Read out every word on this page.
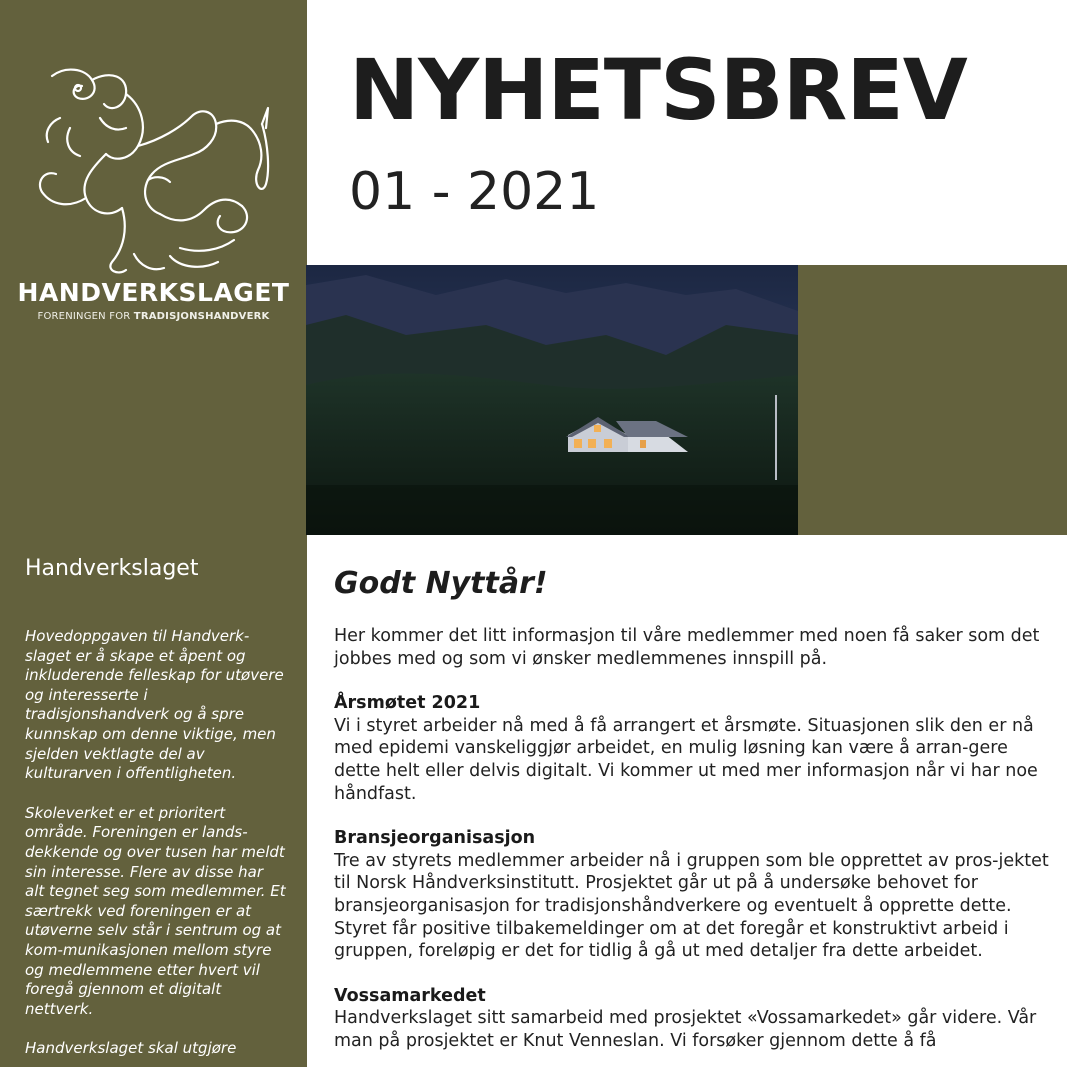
HANDVERKSLAGET
FORENINGEN FOR TRADISJONSHANDVERK
Handverkslaget

Hovedoppgaven til Handverk-slaget er å skape et åpent og inkluderende felleskap for utøvere og interesserte i tradisjonshandverk og å spre kunnskap om denne viktige, men sjelden vektlagte del av kulturarven i offentligheten.

Skoleverket er et prioritert område. Foreningen er lands-dekkende og over tusen har meldt sin interesse. Flere av disse har alt tegnet seg som medlemmer. Et særtrekk ved foreningen er at utøverne selv står i sentrum og at kom-munikasjonen mellom styre og medlemmene etter hvert vil foregå gjennom et digitalt nettverk.

Handverkslaget skal utgjøre

NYHETSBREV
01 - 2021
Godt Nyttår!

Her kommer det litt informasjon til våre medlemmer med noen få saker som det jobbes med og som vi ønsker medlemmenes innspill på.

Årsmøtet 2021

Vi i styret arbeider nå med å få arrangert et årsmøte. Situasjonen slik den er nå med epidemi vanskeliggjør arbeidet, en mulig løsning kan være å arran-gere dette helt eller delvis digitalt. Vi kommer ut med mer informasjon når vi har noe håndfast.

Bransjeorganisasjon

Tre av styrets medlemmer arbeider nå i gruppen som ble opprettet av pros-jektet til Norsk Håndverksinstitutt. Prosjektet går ut på å undersøke behovet for bransjeorganisasjon for tradisjonshåndverkere og eventuelt å opprette dette. Styret får positive tilbakemeldinger om at det foregår et konstruktivt arbeid i gruppen, foreløpig er det for tidlig å gå ut med detaljer fra dette arbeidet.

Vossamarkedet

Handverkslaget sitt samarbeid med prosjektet «Vossamarkedet» går videre. Vår man på prosjektet er Knut Venneslan. Vi forsøker gjennom dette å få
